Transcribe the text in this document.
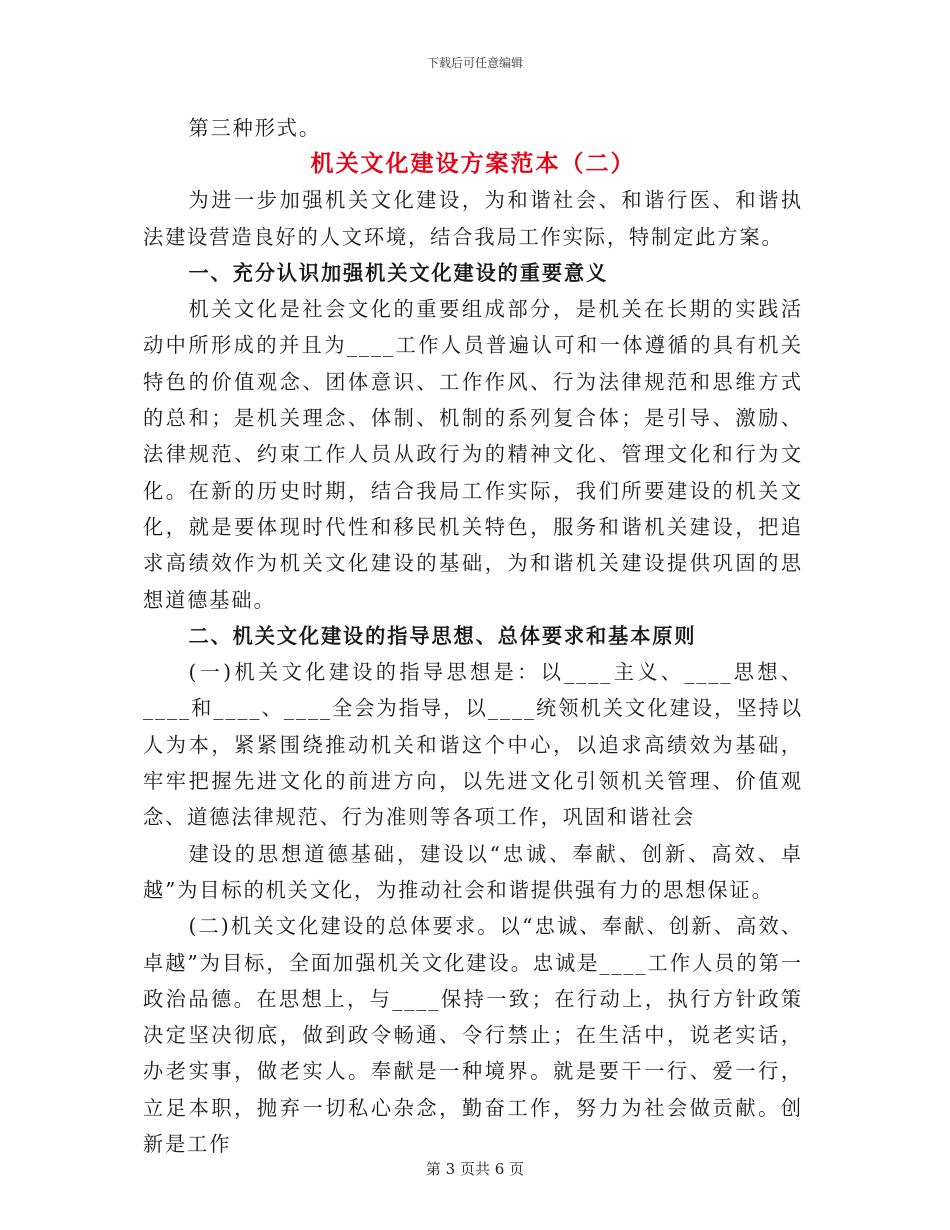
下载后可任意编辑

第三种形式。

机关文化建设方案范本（二）

为进一步加强机关文化建设，为和谐社会、和谐行医、和谐执法建设营造良好的人文环境，结合我局工作实际，特制定此方案。

一、充分认识加强机关文化建设的重要意义

机关文化是社会文化的重要组成部分，是机关在长期的实践活动中所形成的并且为____工作人员普遍认可和一体遵循的具有机关特色的价值观念、团体意识、工作作风、行为法律规范和思维方式的总和；是机关理念、体制、机制的系列复合体；是引导、激励、法律规范、约束工作人员从政行为的精神文化、管理文化和行为文化。在新的历史时期，结合我局工作实际，我们所要建设的机关文化，就是要体现时代性和移民机关特色，服务和谐机关建设，把追求高绩效作为机关文化建设的基础，为和谐机关建设提供巩固的思想道德基础。

二、机关文化建设的指导思想、总体要求和基本原则

(一)机关文化建设的指导思想是：以____主义、____思想、____和____、____全会为指导，以____统领机关文化建设，坚持以人为本，紧紧围绕推动机关和谐这个中心，以追求高绩效为基础，牢牢把握先进文化的前进方向，以先进文化引领机关管理、价值观念、道德法律规范、行为准则等各项工作，巩固和谐社会

建设的思想道德基础，建设以“忠诚、奉献、创新、高效、卓越”为目标的机关文化，为推动社会和谐提供强有力的思想保证。

(二)机关文化建设的总体要求。以“忠诚、奉献、创新、高效、卓越”为目标，全面加强机关文化建设。忠诚是____工作人员的第一政治品德。在思想上，与____保持一致；在行动上，执行方针政策决定坚决彻底，做到政令畅通、令行禁止；在生活中，说老实话，办老实事，做老实人。奉献是一种境界。就是要干一行、爱一行，立足本职，抛弃一切私心杂念，勤奋工作，努力为社会做贡献。创新是工作

第 3 页共 6 页
